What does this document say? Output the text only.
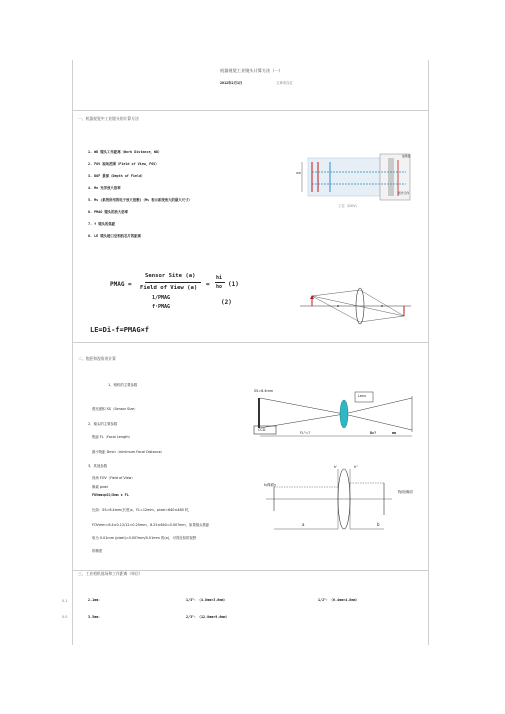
机器视觉工业镜头计算方法（一）
2012年2月1日	文章来自红
一、机器视觉中工业镜头的计算方法
1. WD 镜头工作距离（Work Distance，WD）
2. FOV 视场范围（Field of View，FOV）
3. DOF 景深（Depth of Field）
4. Mo 光学放大倍率
5. Ms (系统所用的电子放大倍数)（Ms 表示系统放大的最大尺寸）
6. PMAG 镜头的放大倍率
7. f 镜头的焦距
8. LE 镜头接口至相机芯片的距离
WD
成像面
感光元件
工位（DOV）
PMAG =
Sensor Site (a)
Field of View (a) =
hi
ho (1)
1/PMAG
f·PMAG
(2)
LE=Di-f=PMAG×f
二、焦距和视角的计算
1、相机的主要参数
感光面积 SS（Sensor Size）
2、镜头的主要参数
焦距 FL（Focal Length）
最小物距 Dmin（minimum Focal Distance）
3、其他参数
视场 FOV（Field of View）
像素 pixel
FOVmm=pSS/Dmm x FL
比如：SS=6.4mm(长度)x，FL=12mm，pixel=640×480 时，
FOVmm=6.4×0.12/12=0.25mm，6.25×640=0.00?mm，如果镜头焦距
取为 0.01mm (pixel)=0.00?mm/0.01mm 的(a)，可得近似的视野
的精度
SS=6.4mm
Lens
CCD
FL"=?	D=?	mm
h/像面y
物面/像面
h'	h''
a	b
三、工业相机视场和工作距离（单位）
0.1
0.0
2.1mm：	1/3"：（4.8mm×3.6mm）	1/2"：（6.4mm×4.8mm）
3.5mm：	2/3"：（12.8mm×9.6mm）
